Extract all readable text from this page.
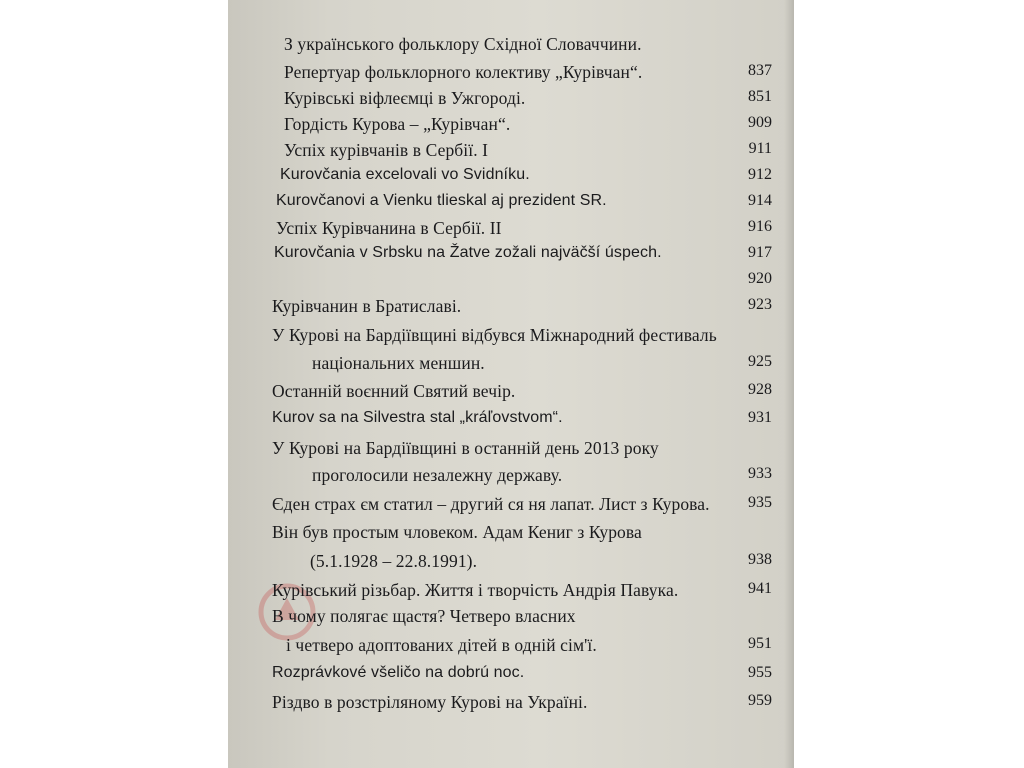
З українського фольклору Східної Словаччини.
Репертуар фольклорного колективу „Курівчан“.	837
Курівські віфлеємці в Ужгороді.	851
Гордість Курова – „Курівчан“.	909
Успіх курівчанів в Сербії. І	911
Kurovčania excelovali vo Svidníku.	912
Kurovčanovi a Vienku tlieskal aj prezident SR.	914
Успіх Курівчанина в Сербії. ІІ	916
Kurovčania v Srbsku na Žatve zožali najväčší úspech.	917
920
Курівчанин в Братиславі.	923
У Курові на Бардіївщині відбувся Міжнародний фестиваль
національних меншин.	925
Останній воєнний Святий вечір.	928
Kurov sa na Silvestra stal „kráľovstvom“.	931
У Курові на Бардіївщині в останній день 2013 року
проголосили незалежну державу.	933
Єден страх єм статил – другий ся ня лапат. Лист з Курова. 935
Він був простым чловеком. Адам Кениг з Курова
(5.1.1928 – 22.8.1991).	938
Курівський різьбар. Життя і творчість Андрія Павука.	941
В чому полягає щастя? Четверо власних
і четверо адоптованих дітей в одній сім'ї.	951
Rozprávkové všeličo na dobrú noc.	955
Різдво в розстріляному Курові на Україні.	959
